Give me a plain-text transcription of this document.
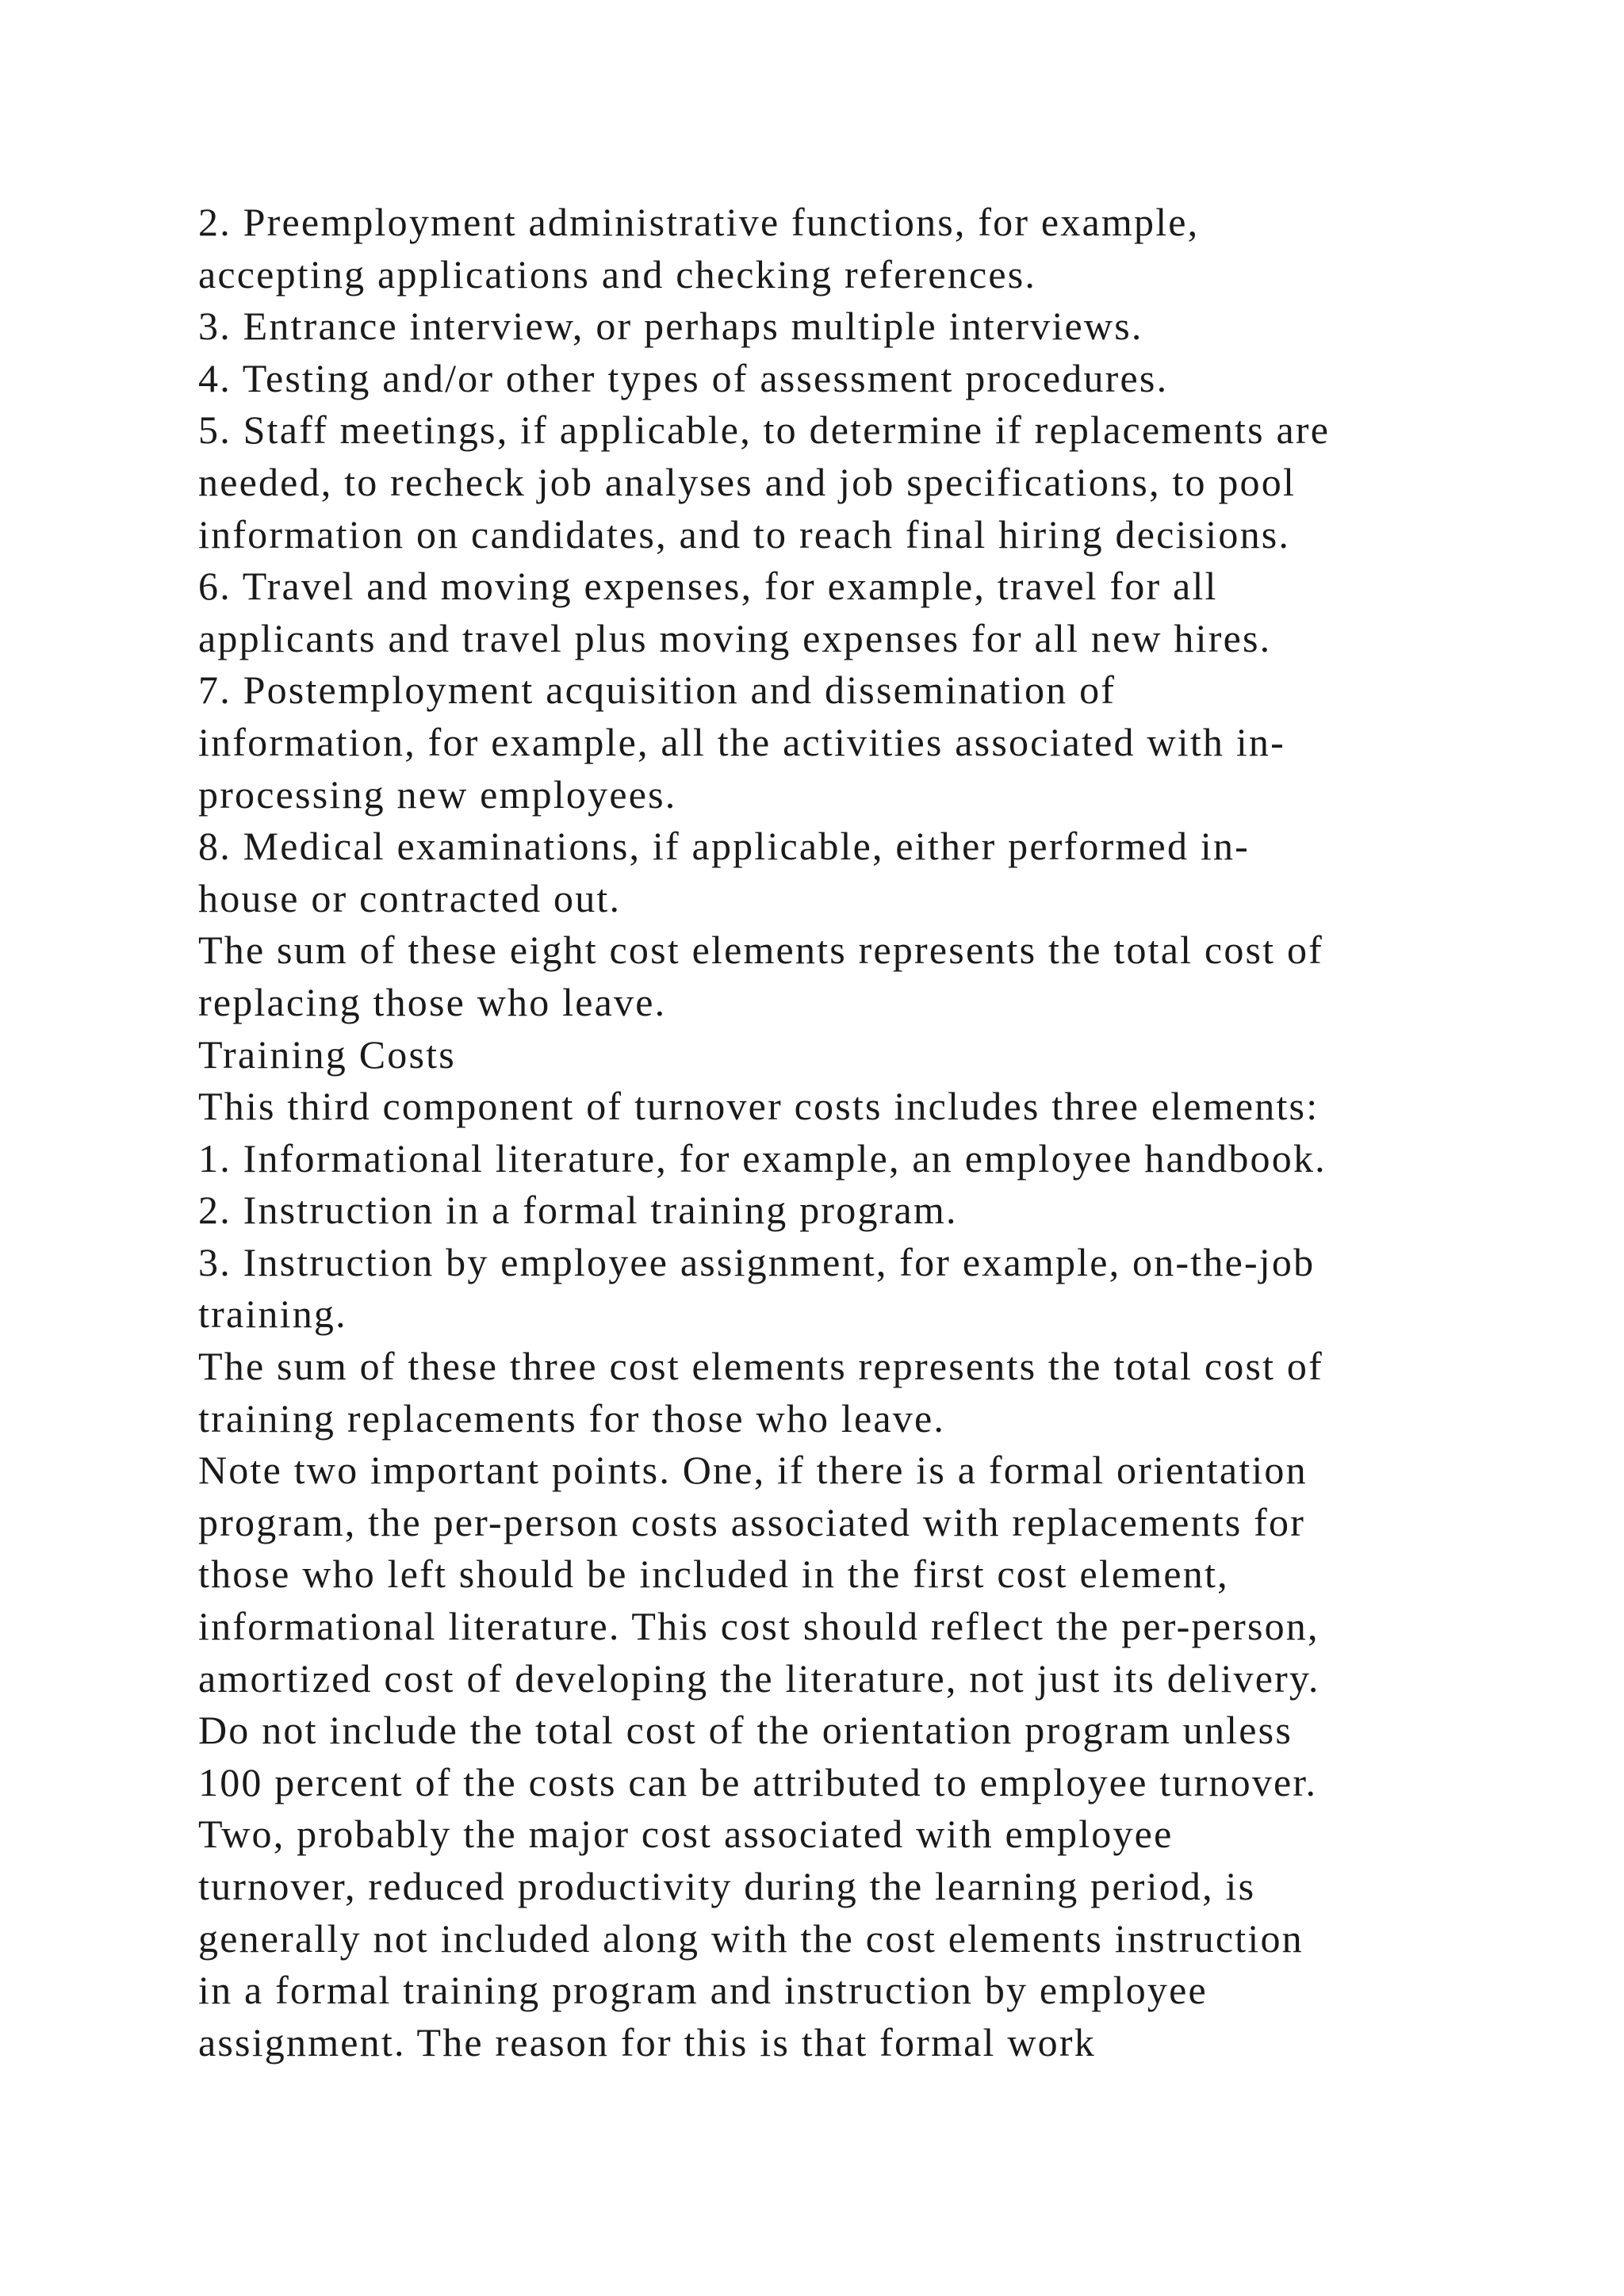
2. Preemployment administrative functions, for example,
accepting applications and checking references.
3. Entrance interview, or perhaps multiple interviews.
4. Testing and/or other types of assessment procedures.
5. Staff meetings, if applicable, to determine if replacements are
needed, to recheck job analyses and job specifications, to pool
information on candidates, and to reach final hiring decisions.
6. Travel and moving expenses, for example, travel for all
applicants and travel plus moving expenses for all new hires.
7. Postemployment acquisition and dissemination of
information, for example, all the activities associated with in-
processing new employees.
8. Medical examinations, if applicable, either performed in-
house or contracted out.
The sum of these eight cost elements represents the total cost of
replacing those who leave.
Training Costs
This third component of turnover costs includes three elements:
1. Informational literature, for example, an employee handbook.
2. Instruction in a formal training program.
3. Instruction by employee assignment, for example, on-the-job
training.
The sum of these three cost elements represents the total cost of
training replacements for those who leave.
Note two important points. One, if there is a formal orientation
program, the per-person costs associated with replacements for
those who left should be included in the first cost element,
informational literature. This cost should reflect the per-person,
amortized cost of developing the literature, not just its delivery.
Do not include the total cost of the orientation program unless
100 percent of the costs can be attributed to employee turnover.
Two, probably the major cost associated with employee
turnover, reduced productivity during the learning period, is
generally not included along with the cost elements instruction
in a formal training program and instruction by employee
assignment. The reason for this is that formal work
